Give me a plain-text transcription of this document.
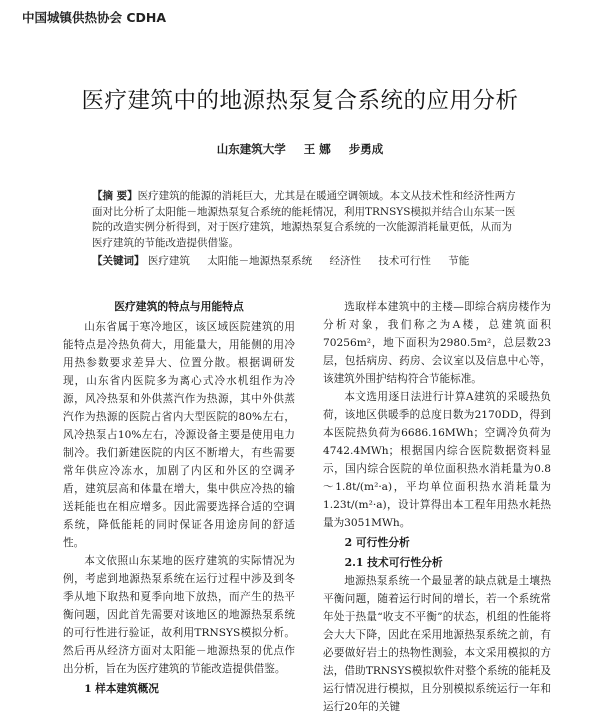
中国城镇供热协会 CDHA
医疗建筑中的地源热泵复合系统的应用分析
山东建筑大学 王 娜 步勇成
【摘 要】医疗建筑的能源的消耗巨大，尤其是在暖通空调领域。本文从技术性和经济性两方面对比分析了太阳能－地源热泵复合系统的能耗情况，利用TRNSYS模拟并结合山东某一医院的改造实例分析得到，对于医疗建筑，地源热泵复合系统的一次能源消耗量更低，从而为医疗建筑的节能改造提供借鉴。
【关键词】 医疗建筑 太阳能－地源热泵系统 经济性 技术可行性 节能
医疗建筑的特点与用能特点

山东省属于寒冷地区，该区域医院建筑的用能特点是冷热负荷大，用能量大，用能侧的用冷用热参数要求差异大、位置分散。根据调研发现，山东省内医院多为离心式冷水机组作为冷源，风冷热泵和外供蒸汽作为热源，其中外供蒸汽作为热源的医院占省内大型医院的80%左右，风冷热泵占10%左右，冷源设备主要是使用电力制冷。我们新建医院的内区不断增大，有些需要常年供应冷冻水，加剧了内区和外区的空调矛盾，建筑层高和体量在增大，集中供应冷热的输送耗能也在相应增多。因此需要选择合适的空调系统，降低能耗的同时保证各用途房间的舒适性。

本文依照山东某地的医疗建筑的实际情况为例，考虑到地源热泵系统在运行过程中涉及到冬季从地下取热和夏季向地下放热，而产生的热平衡问题，因此首先需要对该地区的地源热泵系统的可行性进行验证，故利用TRNSYS模拟分析。然后再从经济方面对太阳能－地源热泵的优点作出分析，旨在为医疗建筑的节能改造提供借鉴。

1 样本建筑概况

选取样本建筑中的主楼—即综合病房楼作为分析对象，我们称之为A楼，总建筑面积70256m²，地下面积为2980.5m²，总层数23层，包括病房、药房、会议室以及信息中心等，该建筑外围护结构符合节能标准。

本文选用逐日法进行计算A建筑的采暖热负荷，该地区供暖季的总度日数为2170DD，得到本医院热负荷为6686.16MWh；空调冷负荷为4742.4MWh；根据国内综合医院数据资料显示，国内综合医院的单位面积热水消耗量为0.8～1.8t/(m²·a)，平均单位面积热水消耗量为1.23t/(m²·a)，设计算得出本工程年用热水耗热量为3051MWh。

2 可行性分析
2.1 技术可行性分析

地源热泵系统一个最显著的缺点就是土壤热平衡问题，随着运行时间的增长，若一个系统常年处于热量“收支不平衡”的状态，机组的性能将会大大下降，因此在采用地源热泵系统之前，有必要做好岩土的热物性测验，本文采用模拟的方法，借助TRNSYS模拟软件对整个系统的能耗及运行情况进行模拟，且分别模拟系统运行一年和运行20年的关键
